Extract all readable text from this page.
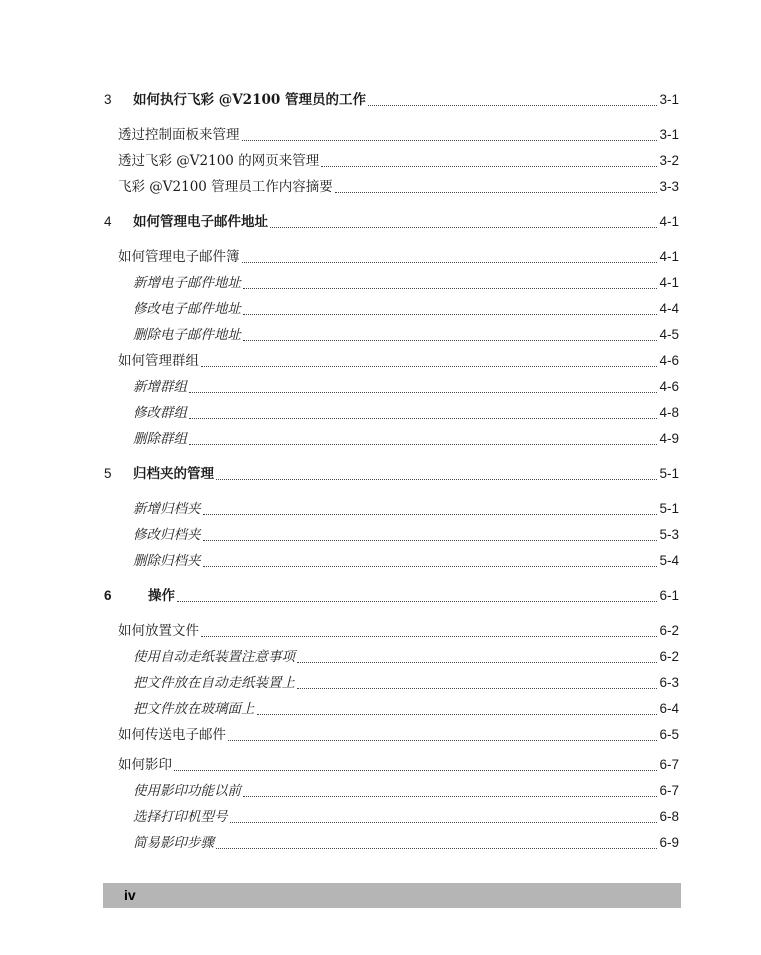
3 如何执行飞彩 @V2100 管理员的工作	3-1
透过控制面板来管理	3-1
透过飞彩 @V2100 的网页来管理	3-2
飞彩 @V2100 管理员工作内容摘要	3-3
4 如何管理电子邮件地址	4-1
如何管理电子邮件簿	4-1
新增电子邮件地址	4-1
修改电子邮件地址	4-4
删除电子邮件地址	4-5
如何管理群组	4-6
新增群组	4-6
修改群组	4-8
删除群组	4-9
5 归档夹的管理	5-1
新增归档夹	5-1
修改归档夹	5-3
删除归档夹	5-4
6	操作	6-1
如何放置文件	6-2
使用自动走纸装置注意事项	6-2
把文件放在自动走纸装置上	6-3
把文件放在玻璃面上	6-4
如何传送电子邮件	6-5
如何影印	6-7
使用影印功能以前	6-7
选择打印机型号	6-8
简易影印步骤	6-9
iv
